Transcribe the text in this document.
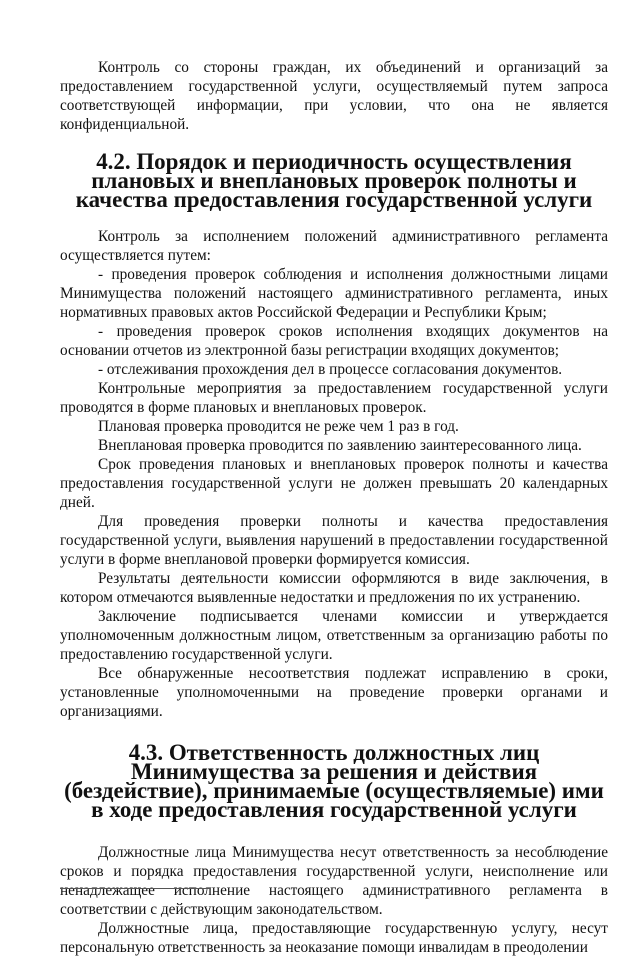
Контроль со стороны граждан, их объединений и организаций за предоставлением государственной услуги, осуществляемый путем запроса соответствующей информации, при условии, что она не является конфиденциальной.

4.2. Порядок и периодичность осуществления плановых и внеплановых проверок полноты и качества предоставления государственной услуги

Контроль за исполнением положений административного регламента осуществляется путем:

- проведения проверок соблюдения и исполнения должностными лицами Минимущества положений настоящего административного регламента, иных нормативных правовых актов Российской Федерации и Республики Крым;

- проведения проверок сроков исполнения входящих документов на основании отчетов из электронной базы регистрации входящих документов;

- отслеживания прохождения дел в процессе согласования документов.

Контрольные мероприятия за предоставлением государственной услуги проводятся в форме плановых и внеплановых проверок.

Плановая проверка проводится не реже чем 1 раз в год.

Внеплановая проверка проводится по заявлению заинтересованного лица.

Срок проведения плановых и внеплановых проверок полноты и качества предоставления государственной услуги не должен превышать 20 календарных дней.

Для проведения проверки полноты и качества предоставления государственной услуги, выявления нарушений в предоставлении государственной услуги в форме внеплановой проверки формируется комиссия.

Результаты деятельности комиссии оформляются в виде заключения, в котором отмечаются выявленные недостатки и предложения по их устранению.

Заключение подписывается членами комиссии и утверждается уполномоченным должностным лицом, ответственным за организацию работы по предоставлению государственной услуги.

Все обнаруженные несоответствия подлежат исправлению в сроки, установленные уполномоченными на проведение проверки органами и организациями.

4.3. Ответственность должностных лиц Минимущества за решения и действия (бездействие), принимаемые (осуществляемые) ими в ходе предоставления государственной услуги

Должностные лица Минимущества несут ответственность за несоблюдение сроков и порядка предоставления государственной услуги, неисполнение или ненадлежащее исполнение настоящего административного регламента в соответствии с действующим законодательством.

Должностные лица, предоставляющие государственную услугу, несут персональную ответственность за неоказание помощи инвалидам в преодолении
